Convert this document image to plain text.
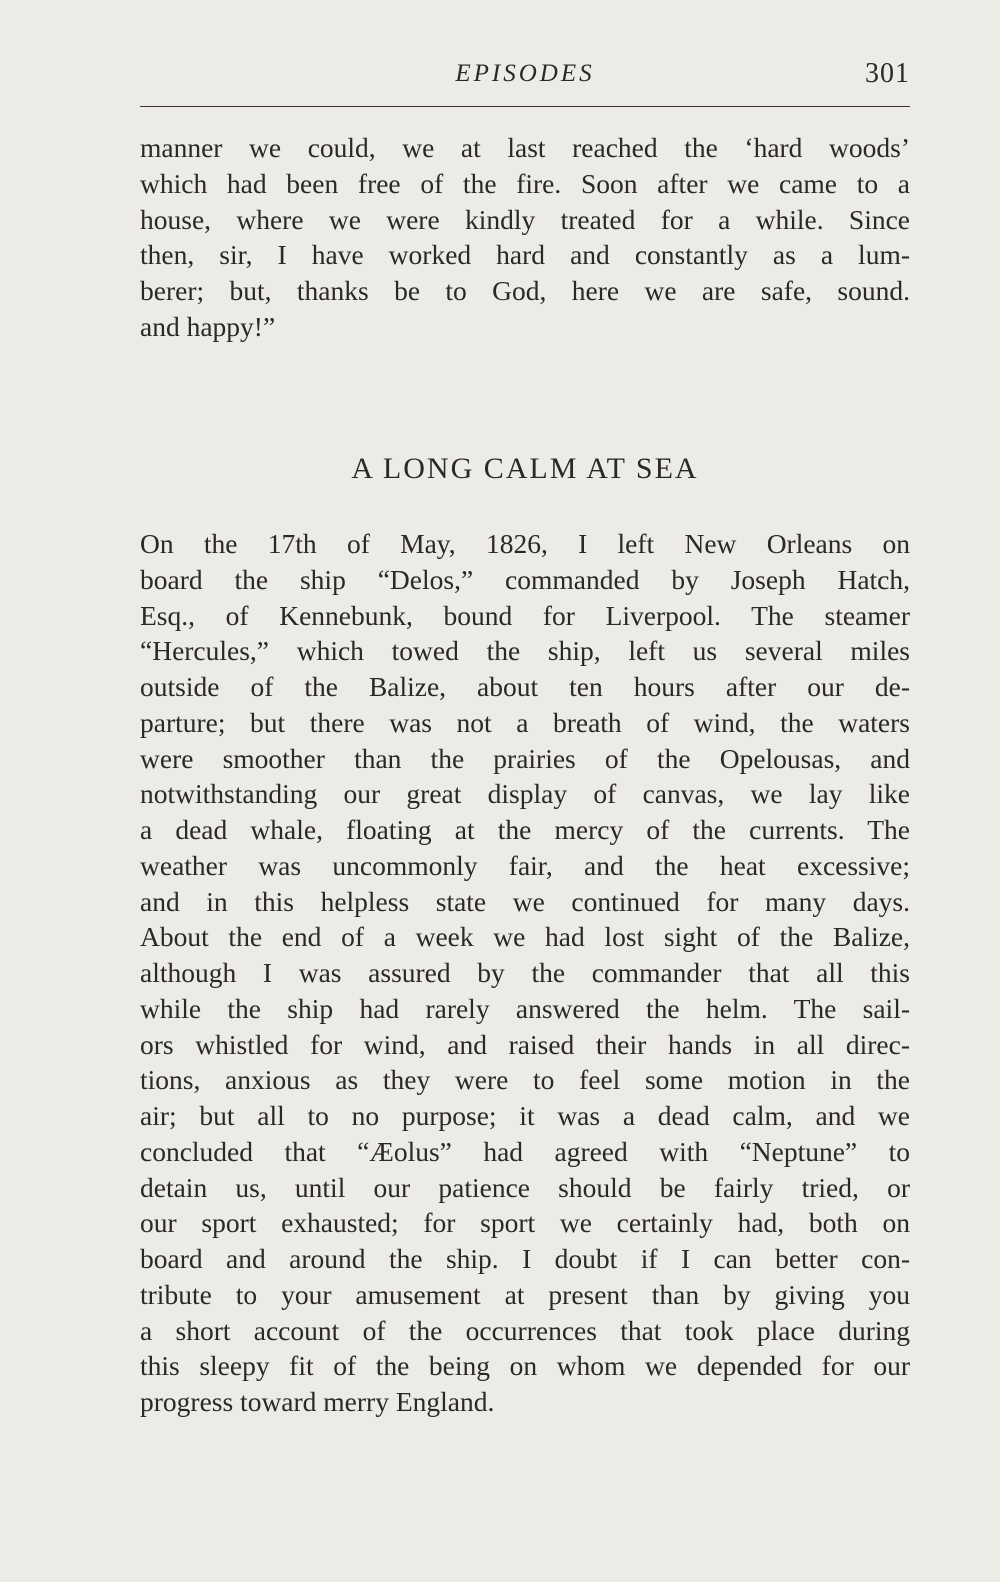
EPISODES	301
manner we could, we at last reached the ‘hard woods’
which had been free of the fire. Soon after we came to a
house, where we were kindly treated for a while. Since
then, sir, I have worked hard and constantly as a lum-
berer; but, thanks be to God, here we are safe, sound.
and happy!”
A LONG CALM AT SEA
On the 17th of May, 1826, I left New Orleans on
board the ship “Delos,” commanded by Joseph Hatch,
Esq., of Kennebunk, bound for Liverpool. The steamer
“Hercules,” which towed the ship, left us several miles
outside of the Balize, about ten hours after our de-
parture; but there was not a breath of wind, the waters
were smoother than the prairies of the Opelousas, and
notwithstanding our great display of canvas, we lay like
a dead whale, floating at the mercy of the currents. The
weather was uncommonly fair, and the heat excessive;
and in this helpless state we continued for many days.
About the end of a week we had lost sight of the Balize,
although I was assured by the commander that all this
while the ship had rarely answered the helm. The sail-
ors whistled for wind, and raised their hands in all direc-
tions, anxious as they were to feel some motion in the
air; but all to no purpose; it was a dead calm, and we
concluded that “Æolus” had agreed with “Neptune” to
detain us, until our patience should be fairly tried, or
our sport exhausted; for sport we certainly had, both on
board and around the ship. I doubt if I can better con-
tribute to your amusement at present than by giving you
a short account of the occurrences that took place during
this sleepy fit of the being on whom we depended for our
progress toward merry England.
